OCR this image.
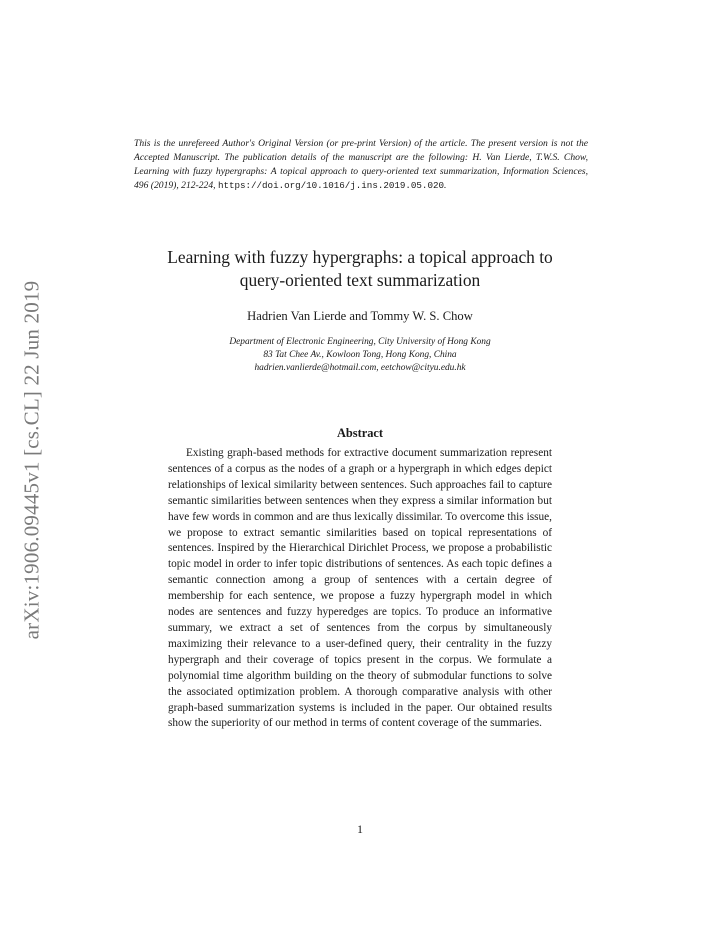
arXiv:1906.09445v1 [cs.CL] 22 Jun 2019

This is the unrefereed Author's Original Version (or pre-print Version) of the article. The present version is not the Accepted Manuscript. The publication details of the manuscript are the following: H. Van Lierde, T.W.S. Chow, Learning with fuzzy hypergraphs: A topical approach to query-oriented text summarization, Information Sciences, 496 (2019), 212-224, https://doi.org/10.1016/j.ins.2019.05.020.

Learning with fuzzy hypergraphs: a topical approach to
query-oriented text summarization
Hadrien Van Lierde and Tommy W. S. Chow
Department of Electronic Engineering, City University of Hong Kong
83 Tat Chee Av., Kowloon Tong, Hong Kong, China
hadrien.vanlierde@hotmail.com, eetchow@cityu.edu.hk
Abstract

Existing graph-based methods for extractive document summarization represent sentences of a corpus as the nodes of a graph or a hypergraph in which edges depict relationships of lexical similarity between sentences. Such approaches fail to capture semantic similarities between sentences when they express a similar information but have few words in common and are thus lexically dissimilar. To overcome this issue, we propose to extract semantic similarities based on topical representations of sentences. Inspired by the Hierarchical Dirichlet Process, we propose a probabilistic topic model in order to infer topic distributions of sentences. As each topic defines a semantic connection among a group of sentences with a certain degree of membership for each sentence, we propose a fuzzy hypergraph model in which nodes are sentences and fuzzy hyperedges are topics. To produce an informative summary, we extract a set of sentences from the corpus by simultaneously maximizing their relevance to a user-defined query, their centrality in the fuzzy hypergraph and their coverage of topics present in the corpus. We formulate a polynomial time algorithm building on the theory of submodular functions to solve the associated optimization problem. A thorough comparative analysis with other graph-based summarization systems is included in the paper. Our obtained results show the superiority of our method in terms of content coverage of the summaries.

1
